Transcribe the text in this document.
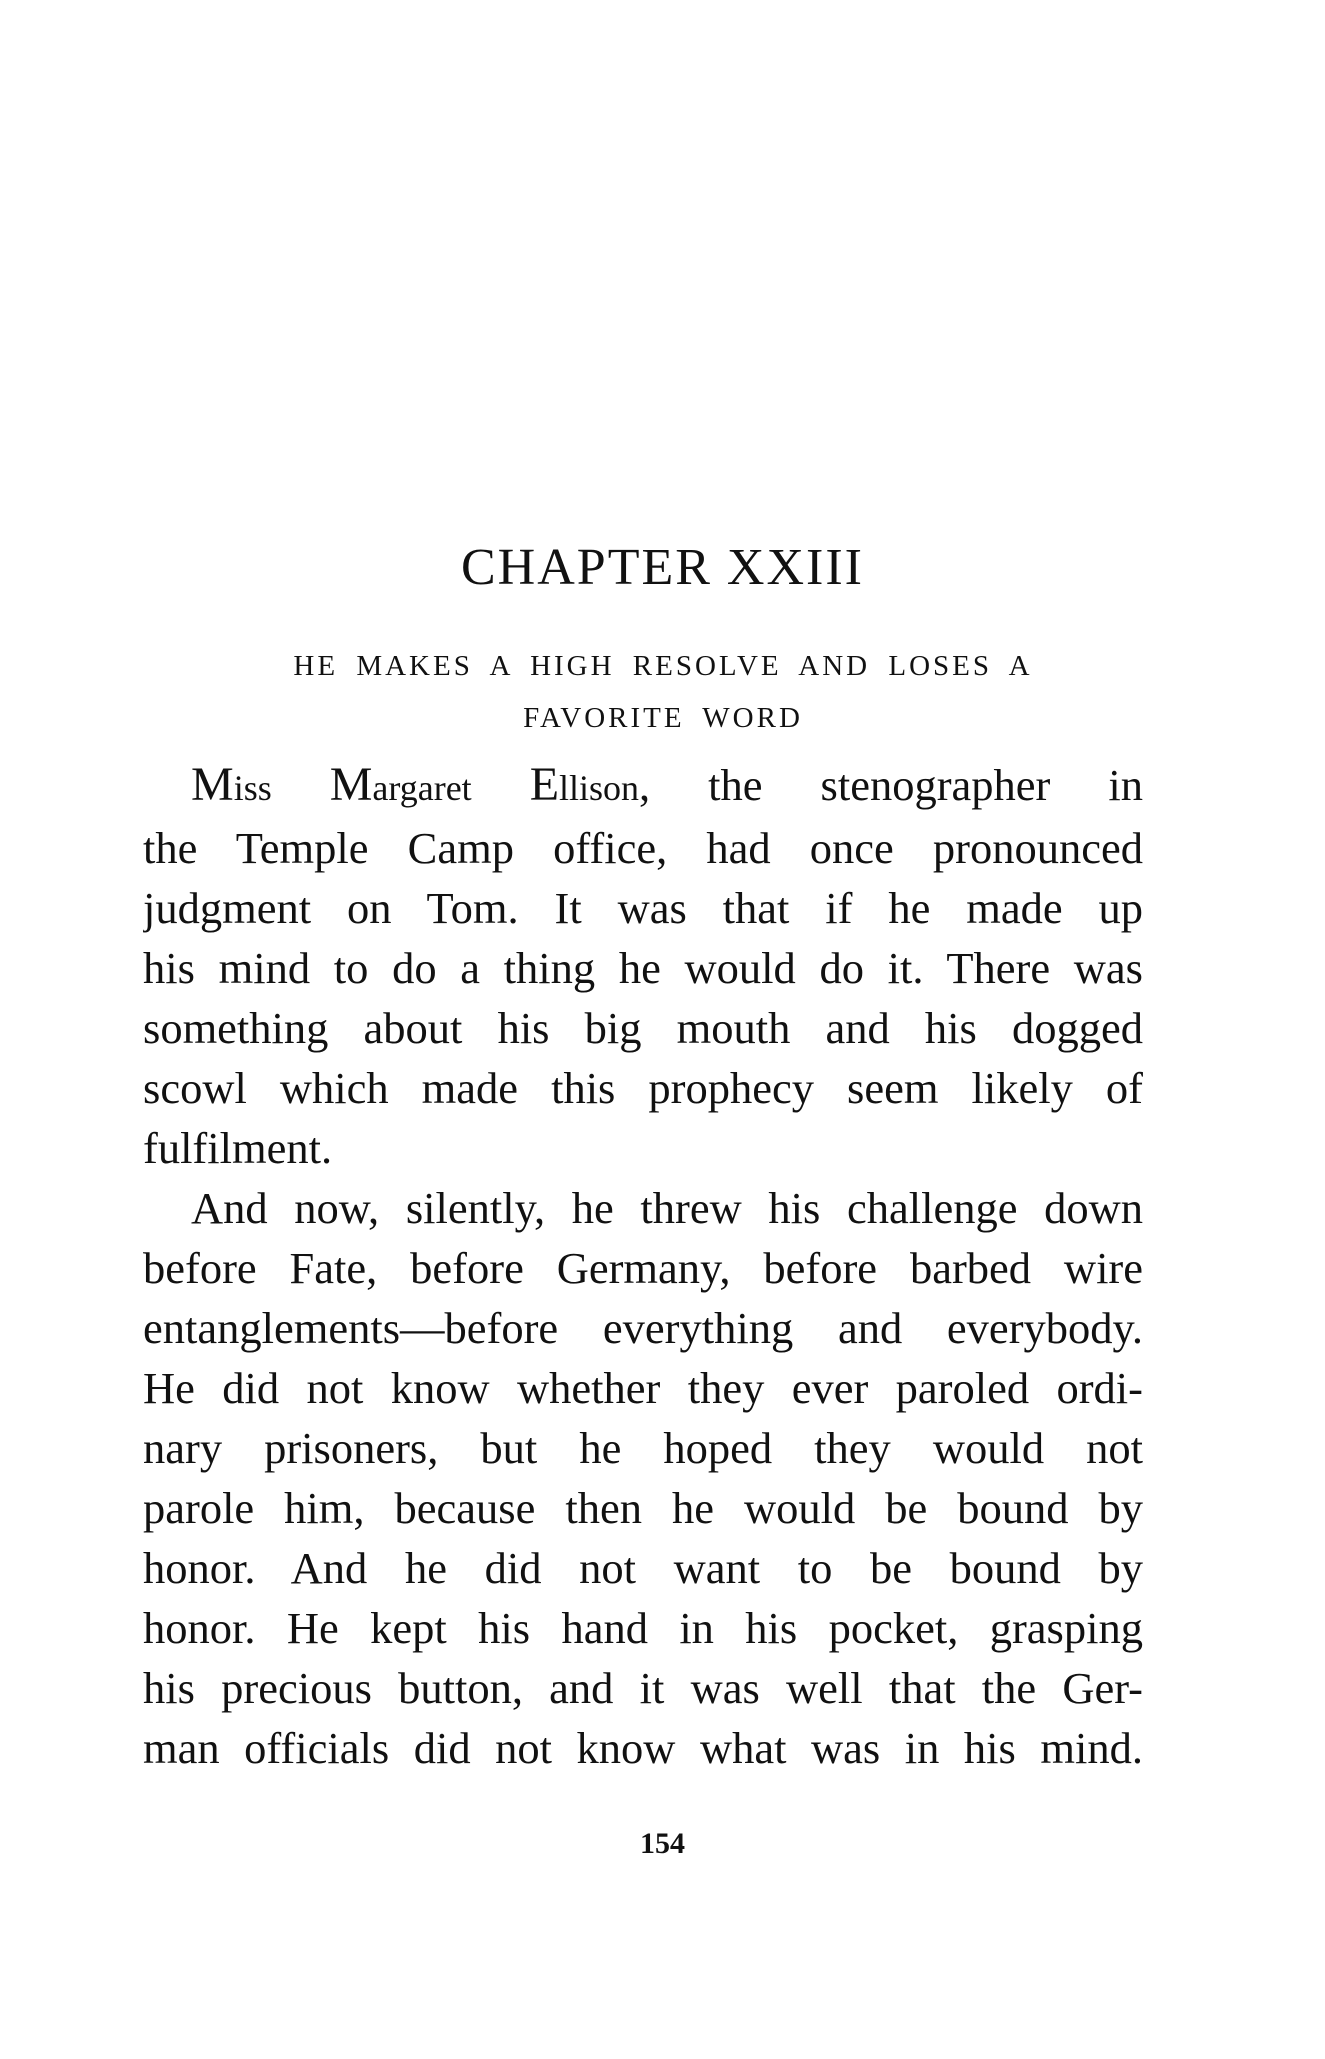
CHAPTER XXIII
HE MAKES A HIGH RESOLVE AND LOSES A
FAVORITE WORD
Miss Margaret Ellison, the stenographer in
the Temple Camp office, had once pronounced
judgment on Tom. It was that if he made up
his mind to do a thing he would do it. There was
something about his big mouth and his dogged
scowl which made this prophecy seem likely of
fulfilment.
And now, silently, he threw his challenge down
before Fate, before Germany, before barbed wire
entanglements—before everything and everybody.
He did not know whether they ever paroled ordi-
nary prisoners, but he hoped they would not
parole him, because then he would be bound by
honor. And he did not want to be bound by
honor. He kept his hand in his pocket, grasping
his precious button, and it was well that the Ger-
man officials did not know what was in his mind.
154
